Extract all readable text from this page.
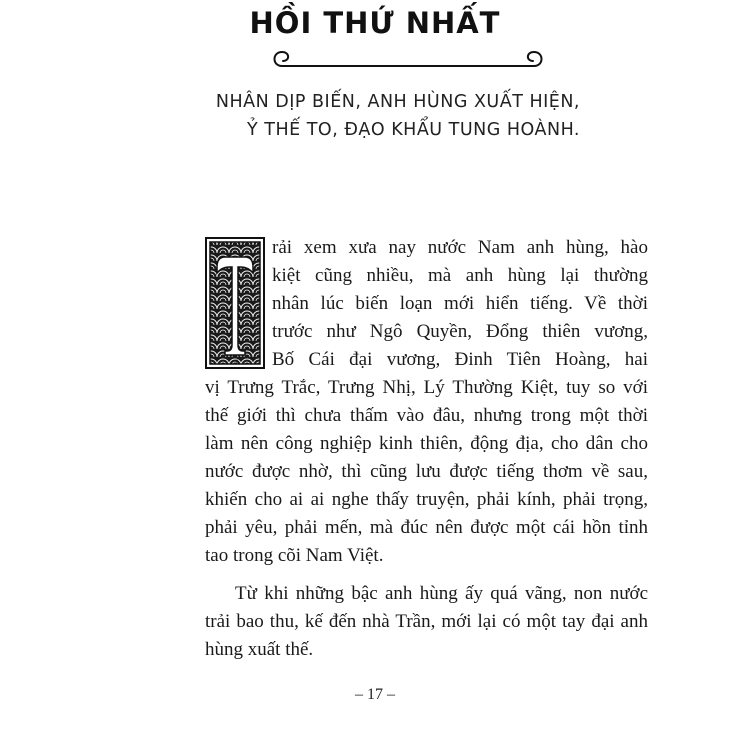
HỒI THỨ NHẤT
NHÂN DỊP BIẾN, ANH HÙNG XUẤT HIỆN,
Ỷ THẾ TO, ĐẠO KHẨU TUNG HOÀNH.
T
rải xem xưa nay nước Nam anh hùng, hào
kiệt cũng nhiều, mà anh hùng lại thường
nhân lúc biến loạn mới hiển tiếng. Về thời
trước như Ngô Quyền, Đổng thiên vương,
Bố Cái đại vương, Đinh Tiên Hoàng, hai
vị Trưng Trắc, Trưng Nhị, Lý Thường Kiệt, tuy so với
thế giới thì chưa thấm vào đâu, nhưng trong một thời
làm nên công nghiệp kinh thiên, động địa, cho dân cho
nước được nhờ, thì cũng lưu được tiếng thơm về sau,
khiến cho ai ai nghe thấy truyện, phải kính, phải trọng,
phải yêu, phải mến, mà đúc nên được một cái hồn tỉnh
tao trong cõi Nam Việt.
Từ khi những bậc anh hùng ấy quá vãng, non nước
trải bao thu, kế đến nhà Trần, mới lại có một tay đại anh
hùng xuất thế.
– 17 –
